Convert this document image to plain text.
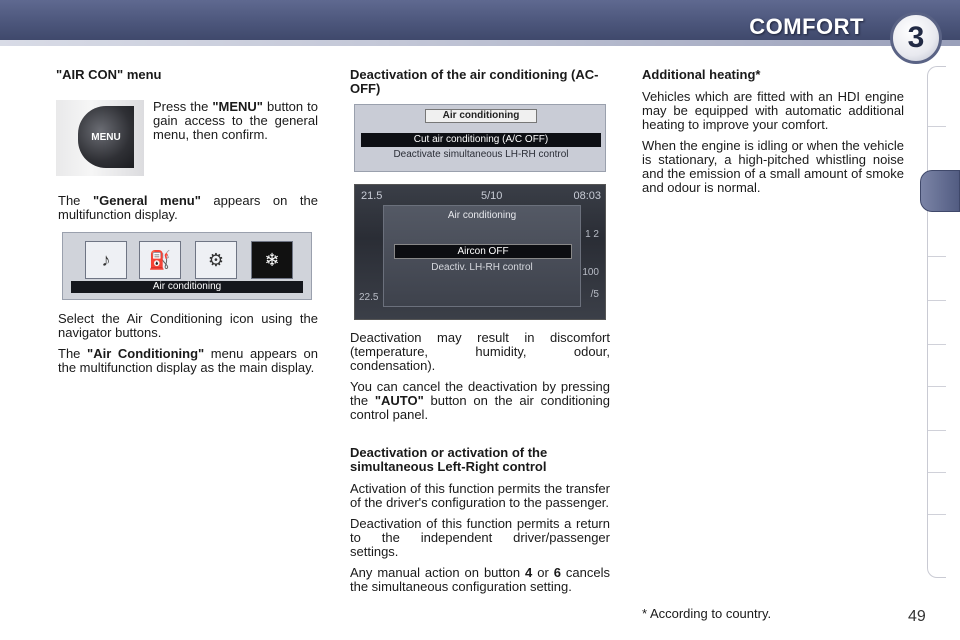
COMFORT	3
"AIR CON" menu
MENU

Press the "MENU" button to gain access to the general menu, then confirm.

The "General menu" appears on the multifunction display.

♪	⛽	⚙	❄
Air conditioning

Select the Air Conditioning icon using the navigator buttons.

The "Air Conditioning" menu appears on the multifunction display as the main display.

Deactivation of the air conditioning (AC-OFF)
Air conditioning
Cut air conditioning (A/C OFF)
Deactivate simultaneous LH-RH control
21.5	5/10	08:03
Air conditioning
Aircon OFF
Deactiv. LH-RH control
22.5
1 2
100
/5

Deactivation may result in discomfort (temperature, humidity, odour, condensation).

You can cancel the deactivation by pressing the "AUTO" button on the air conditioning control panel.

Deactivation or activation of the simultaneous Left-Right control

Activation of this function permits the transfer of the driver's configuration to the passenger.

Deactivation of this function permits a return to the independent driver/passenger settings.

Any manual action on button 4 or 6 cancels the simultaneous configuration setting.

Additional heating*

Vehicles which are fitted with an HDI engine may be equipped with automatic additional heating to improve your comfort.

When the engine is idling or when the vehicle is stationary, a high-pitched whistling noise and the emission of a small amount of smoke and odour is normal.

* According to country.	49
